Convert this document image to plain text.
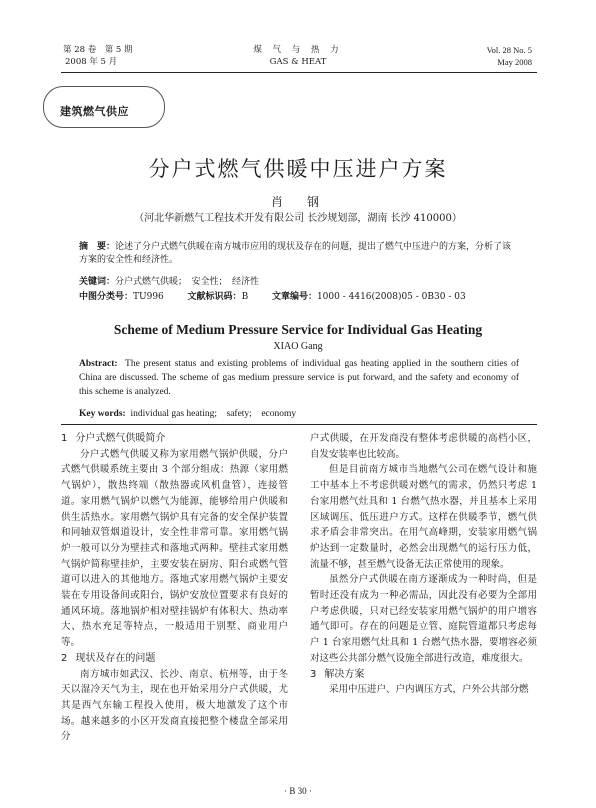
第 28 卷　第 5 期
2008 年 5 月
煤 气 与 热 力
GAS & HEAT
Vol. 28 No. 5
May 2008
建筑燃气供应
分户式燃气供暖中压进户方案
肖　钢
（河北华新燃气工程技术开发有限公司 长沙规划部，湖南 长沙 410000）
摘　要：论述了分户式燃气供暖在南方城市应用的现状及存在的问题，提出了燃气中压进户的方案，分析了该方案的安全性和经济性。
关键词：分户式燃气供暖；　安全性；　经济性
中图分类号：TU996	文献标识码：B	文章编号：1000 - 4416(2008)05 - 0B30 - 03
Scheme of Medium Pressure Service for Individual Gas Heating
XIAO Gang
Abstract: The present status and existing problems of individual gas heating applied in the southern cities of China are discussed. The scheme of gas medium pressure service is put forward, and the safety and economy of this scheme is analyzed.
Key words: individual gas heating;　safety;　economy
1 分户式燃气供暖简介

分户式燃气供暖又称为家用燃气锅炉供暖，分户式燃气供暖系统主要由 3 个部分组成：热源（家用燃气锅炉），散热终端（散热器或风机盘管），连接管道。家用燃气锅炉以燃气为能源，能够给用户供暖和供生活热水。家用燃气锅炉具有完备的安全保护装置和同轴双管烟道设计，安全性非常可靠。家用燃气锅炉一般可以分为壁挂式和落地式两种。壁挂式家用燃气锅炉简称壁挂炉，主要安装在厨房、阳台或燃气管道可以进入的其他地方。落地式家用燃气锅炉主要安装在专用设备间或阳台，锅炉安放位置要求有良好的通风环境。落地锅炉相对壁挂锅炉有体积大、热动率大、热水充足等特点，一般适用于别墅、商业用户等。

2 现状及存在的问题

南方城市如武汉、长沙、南京、杭州等，由于冬天以湿冷天气为主，现在也开始采用分户式供暖，尤其是西气东输工程投入使用，极大地激发了这个市场。越来越多的小区开发商直接把整个楼盘全部采用分

户式供暖，在开发商没有整体考虑供暖的高档小区，自发安装率也比较高。

但是目前南方城市当地燃气公司在燃气设计和施工中基本上不考虑供暖对燃气的需求，仍然只考虑 1 台家用燃气灶具和 1 台燃气热水器，并且基本上采用区域调压、低压进户方式。这样在供暖季节，燃气供求矛盾会非常突出。在用气高峰期，安装家用燃气锅炉达到一定数量时，必然会出现燃气的运行压力低，流量不够，甚至燃气设备无法正常使用的现象。

虽然分户式供暖在南方逐渐成为一种时尚，但是暂时还没有成为一种必需品，因此没有必要为全部用户考虑供暖，只对已经安装家用燃气锅炉的用户增容通气即可。存在的问题是立管、庭院管道都只考虑每户 1 台家用燃气灶具和 1 台燃气热水器，要增容必须对这些公共部分燃气设施全部进行改造，难度很大。

3 解决方案

采用中压进户、户内调压方式，户外公共部分燃

· B 30 ·
